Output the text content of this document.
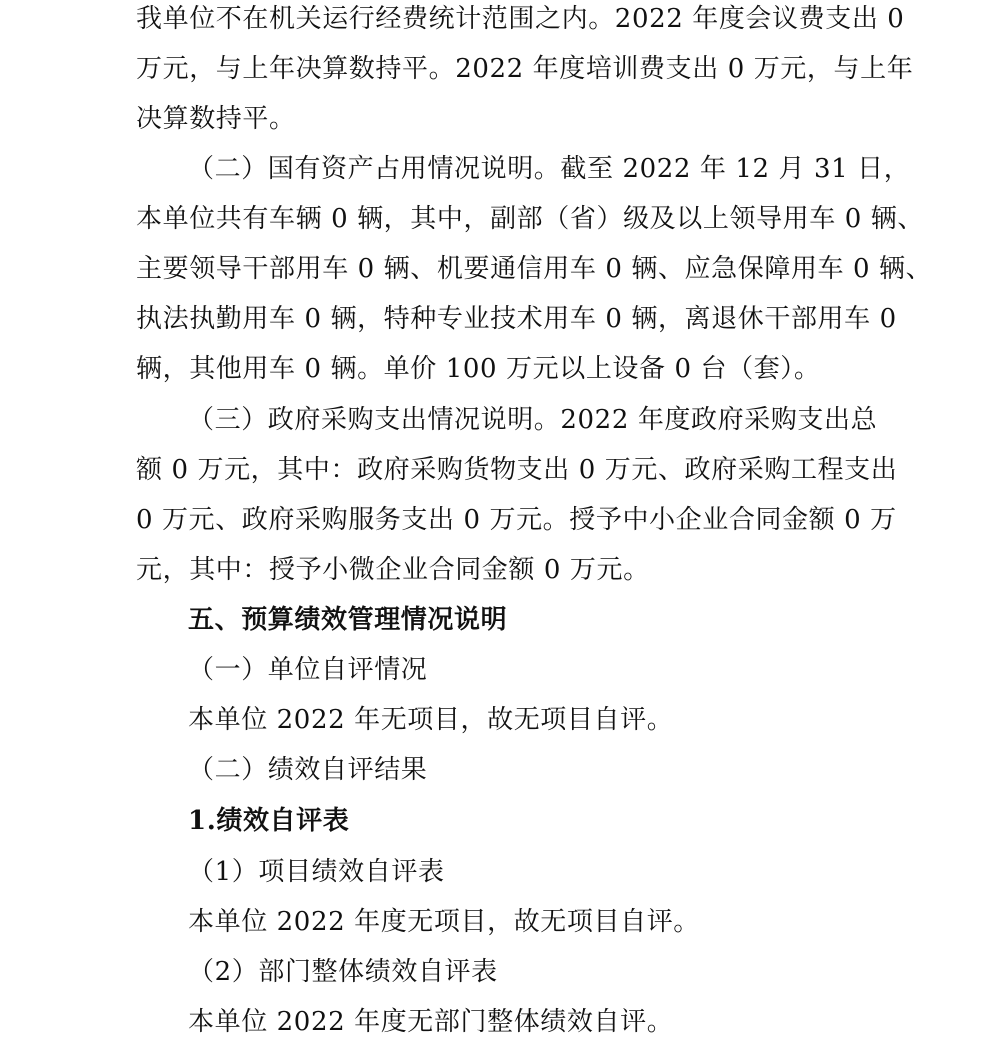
我单位不在机关运行经费统计范围之内。2022 年度会议费支出 0

万元，与上年决算数持平。2022 年度培训费支出 0 万元，与上年

决算数持平。

（二）国有资产占用情况说明。截至 2022 年 12 月 31 日，

本单位共有车辆 0 辆，其中，副部（省）级及以上领导用车 0 辆、

主要领导干部用车 0 辆、机要通信用车 0 辆、应急保障用车 0 辆、

执法执勤用车 0 辆，特种专业技术用车 0 辆，离退休干部用车 0

辆，其他用车 0 辆。单价 100 万元以上设备 0 台（套）。

（三）政府采购支出情况说明。2022 年度政府采购支出总

额 0 万元，其中：政府采购货物支出 0 万元、政府采购工程支出

0 万元、政府采购服务支出 0 万元。授予中小企业合同金额 0 万

元，其中：授予小微企业合同金额 0 万元。

五、预算绩效管理情况说明

（一）单位自评情况

本单位 2022 年无项目，故无项目自评。

（二）绩效自评结果

1.绩效自评表

（1）项目绩效自评表

本单位 2022 年度无项目，故无项目自评。

（2）部门整体绩效自评表

本单位 2022 年度无部门整体绩效自评。
